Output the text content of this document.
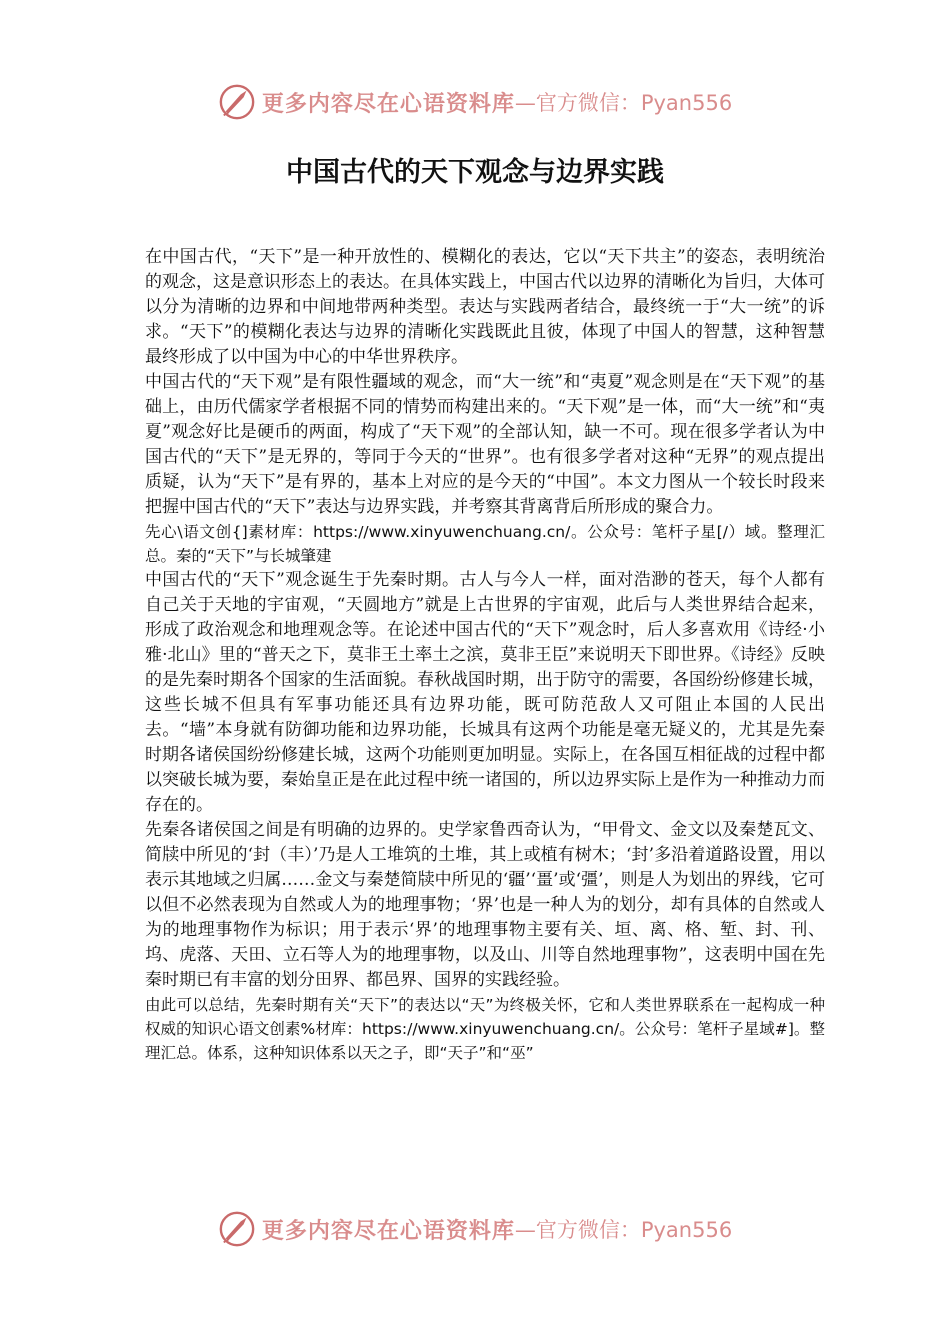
更多内容尽在心语资料库 —官方微信：Pyan556
中国古代的天下观念与边界实践

在中国古代，“天下”是一种开放性的、模糊化的表达，它以“天下共主”的姿态，表明统治的观念，这是意识形态上的表达。在具体实践上，中国古代以边界的清晰化为旨归，大体可以分为清晰的边界和中间地带两种类型。表达与实践两者结合，最终统一于“大一统”的诉求。“天下”的模糊化表达与边界的清晰化实践既此且彼，体现了中国人的智慧，这种智慧最终形成了以中国为中心的中华世界秩序。

中国古代的“天下观”是有限性疆域的观念，而“大一统”和“夷夏”观念则是在“天下观”的基础上，由历代儒家学者根据不同的情势而构建出来的。“天下观”是一体，而“大一统”和“夷夏”观念好比是硬币的两面，构成了“天下观”的全部认知，缺一不可。现在很多学者认为中国古代的“天下”是无界的，等同于今天的“世界”。也有很多学者对这种“无界”的观点提出质疑，认为“天下”是有界的，基本上对应的是今天的“中国”。本文力图从一个较长时段来把握中国古代的“天下”表达与边界实践，并考察其背离背后所形成的聚合力。

先心\语文创{]素材库：https://www.xinyuwenchuang.cn/。公众号：笔杆子星[/）域。整理汇总。秦的“天下”与长城肇建

中国古代的“天下”观念诞生于先秦时期。古人与今人一样，面对浩渺的苍天，每个人都有自己关于天地的宇宙观，“天圆地方”就是上古世界的宇宙观，此后与人类世界结合起来，形成了政治观念和地理观念等。在论述中国古代的“天下”观念时，后人多喜欢用《诗经·小雅·北山》里的“普天之下，莫非王土率土之滨，莫非王臣”来说明天下即世界。《诗经》反映的是先秦时期各个国家的生活面貌。春秋战国时期，出于防守的需要，各国纷纷修建长城，这些长城不但具有军事功能还具有边界功能，既可防范敌人又可阻止本国的人民出去。“墙”本身就有防御功能和边界功能，长城具有这两个功能是毫无疑义的，尤其是先秦时期各诸侯国纷纷修建长城，这两个功能则更加明显。实际上，在各国互相征战的过程中都以突破长城为要，秦始皇正是在此过程中统一诸国的，所以边界实际上是作为一种推动力而存在的。

先秦各诸侯国之间是有明确的边界的。史学家鲁西奇认为，“甲骨文、金文以及秦楚瓦文、简牍中所见的‘封（丰）’乃是人工堆筑的土堆，其上或植有树木；‘封’多沿着道路设置，用以表示其地域之归属……金文与秦楚简牍中所见的‘疆’‘畺’或‘彊’，则是人为划出的界线，它可以但不必然表现为自然或人为的地理事物；‘界’也是一种人为的划分，却有具体的自然或人为的地理事物作为标识；用于表示‘界’的地理事物主要有关、垣、离、格、堑、封、刊、坞、虎落、天田、立石等人为的地理事物，以及山、川等自然地理事物”，这表明中国在先秦时期已有丰富的划分田界、都邑界、国界的实践经验。

由此可以总结，先秦时期有关“天下”的表达以“天”为终极关怀，它和人类世界联系在一起构成一种权威的知识心语文创素%材库：https://www.xinyuwenchuang.cn/。公众号：笔杆子星域#]。整理汇总。体系，这种知识体系以天之子，即“天子”和“巫”

更多内容尽在心语资料库 —官方微信：Pyan556
